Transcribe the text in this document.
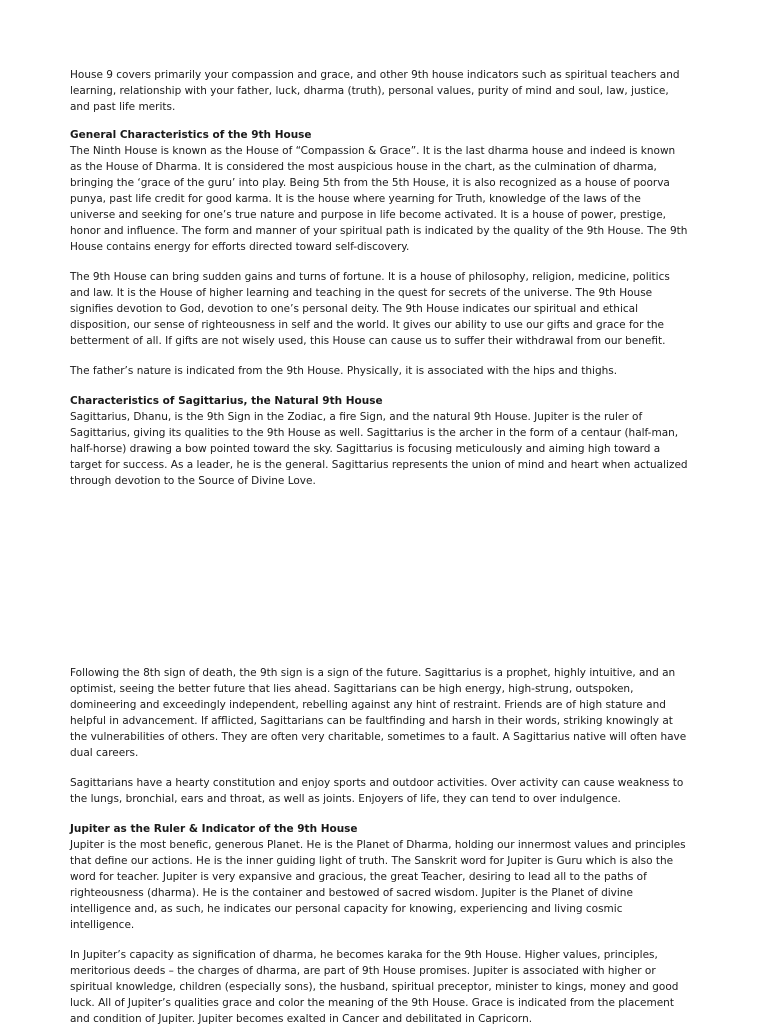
House 9 covers primarily your compassion and grace, and other 9th house indicators such as spiritual teachers and
learning, relationship with your father, luck, dharma (truth), personal values, purity of mind and soul, law, justice,
and past life merits.
General Characteristics of the 9th House
The Ninth House is known as the House of “Compassion & Grace”. It is the last dharma house and indeed is known
as the House of Dharma. It is considered the most auspicious house in the chart, as the culmination of dharma,
bringing the ‘grace of the guru’ into play. Being 5th from the 5th House, it is also recognized as a house of poorva
punya, past life credit for good karma. It is the house where yearning for Truth, knowledge of the laws of the
universe and seeking for one’s true nature and purpose in life become activated. It is a house of power, prestige,
honor and influence. The form and manner of your spiritual path is indicated by the quality of the 9th House. The 9th
House contains energy for efforts directed toward self-discovery.
The 9th House can bring sudden gains and turns of fortune. It is a house of philosophy, religion, medicine, politics
and law. It is the House of higher learning and teaching in the quest for secrets of the universe. The 9th House
signifies devotion to God, devotion to one’s personal deity. The 9th House indicates our spiritual and ethical
disposition, our sense of righteousness in self and the world. It gives our ability to use our gifts and grace for the
betterment of all. If gifts are not wisely used, this House can cause us to suffer their withdrawal from our benefit.
The father’s nature is indicated from the 9th House. Physically, it is associated with the hips and thighs.
Characteristics of Sagittarius, the Natural 9th House
Sagittarius, Dhanu, is the 9th Sign in the Zodiac, a fire Sign, and the natural 9th House. Jupiter is the ruler of
Sagittarius, giving its qualities to the 9th House as well. Sagittarius is the archer in the form of a centaur (half-man,
half-horse) drawing a bow pointed toward the sky. Sagittarius is focusing meticulously and aiming high toward a
target for success. As a leader, he is the general. Sagittarius represents the union of mind and heart when actualized
through devotion to the Source of Divine Love.
Following the 8th sign of death, the 9th sign is a sign of the future. Sagittarius is a prophet, highly intuitive, and an
optimist, seeing the better future that lies ahead. Sagittarians can be high energy, high-strung, outspoken,
domineering and exceedingly independent, rebelling against any hint of restraint. Friends are of high stature and
helpful in advancement. If afflicted, Sagittarians can be faultfinding and harsh in their words, striking knowingly at
the vulnerabilities of others. They are often very charitable, sometimes to a fault. A Sagittarius native will often have
dual careers.
Sagittarians have a hearty constitution and enjoy sports and outdoor activities. Over activity can cause weakness to
the lungs, bronchial, ears and throat, as well as joints. Enjoyers of life, they can tend to over indulgence.
Jupiter as the Ruler & Indicator of the 9th House
Jupiter is the most benefic, generous Planet. He is the Planet of Dharma, holding our innermost values and principles
that define our actions. He is the inner guiding light of truth. The Sanskrit word for Jupiter is Guru which is also the
word for teacher. Jupiter is very expansive and gracious, the great Teacher, desiring to lead all to the paths of
righteousness (dharma). He is the container and bestowed of sacred wisdom. Jupiter is the Planet of divine
intelligence and, as such, he indicates our personal capacity for knowing, experiencing and living cosmic
intelligence.
In Jupiter’s capacity as signification of dharma, he becomes karaka for the 9th House. Higher values, principles,
meritorious deeds – the charges of dharma, are part of 9th House promises. Jupiter is associated with higher or
spiritual knowledge, children (especially sons), the husband, spiritual preceptor, minister to kings, money and good
luck. All of Jupiter’s qualities grace and color the meaning of the 9th House. Grace is indicated from the placement
and condition of Jupiter. Jupiter becomes exalted in Cancer and debilitated in Capricorn.
